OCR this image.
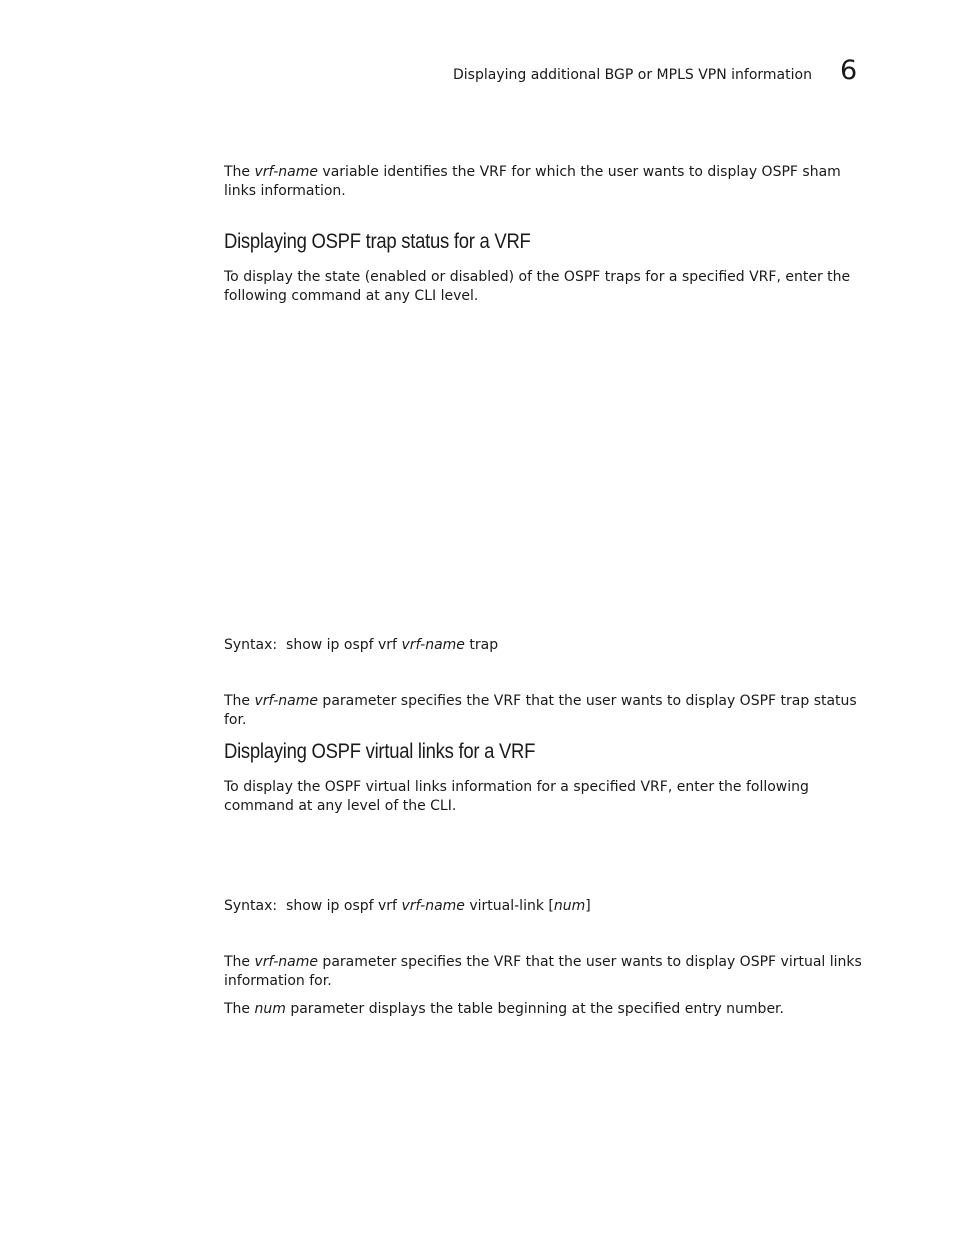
Displaying additional BGP or MPLS VPN information 6

The vrf-name variable identifies the VRF for which the user wants to display OSPF sham links information.

Displaying OSPF trap status for a VRF

To display the state (enabled or disabled) of the OSPF traps for a specified VRF, enter the following command at any CLI level.

Syntax: show ip ospf vrf vrf-name trap

The vrf-name parameter specifies the VRF that the user wants to display OSPF trap status for.

Displaying OSPF virtual links for a VRF

To display the OSPF virtual links information for a specified VRF, enter the following command at any level of the CLI.

Syntax: show ip ospf vrf vrf-name virtual-link [num]

The vrf-name parameter specifies the VRF that the user wants to display OSPF virtual links information for.

The num parameter displays the table beginning at the specified entry number.
